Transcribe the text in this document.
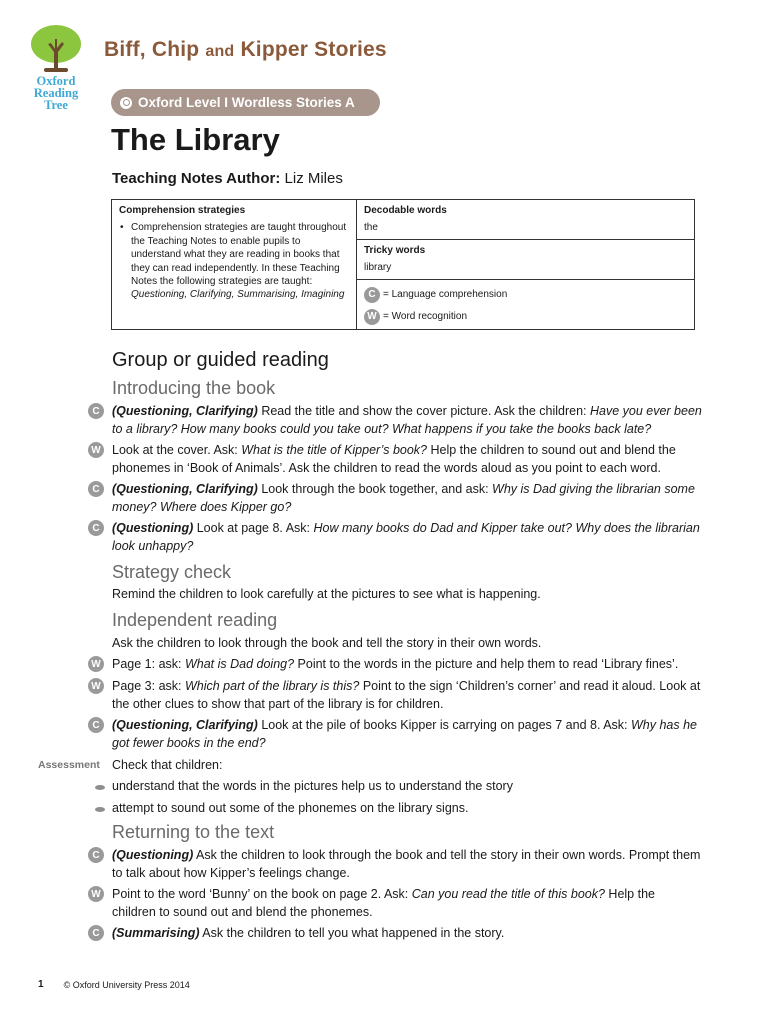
Oxford
Reading
Tree
Biff, Chip and Kipper Stories
Oxford Level I Wordless Stories A
The Library
Teaching Notes Author: Liz Miles
Comprehension strategies
• Comprehension strategies are taught throughout the Teaching Notes to enable pupils to understand what they are reading in books that they can read independently. In these Teaching Notes the following strategies are taught:
Questioning, Clarifying, Summarising, Imagining

Decodable words
the

Tricky words
library

C = Language comprehension
W = Word recognition
Group or guided reading
Introducing the book
C (Questioning, Clarifying) Read the title and show the cover picture. Ask the children: Have you ever been to a library? How many books could you take out? What happens if you take the books back late?
W Look at the cover. Ask: What is the title of Kipper’s book? Help the children to sound out and blend the phonemes in ‘Book of Animals’. Ask the children to read the words aloud as you point to each word.
C (Questioning, Clarifying) Look through the book together, and ask: Why is Dad giving the librarian some money? Where does Kipper go?
C (Questioning) Look at page 8. Ask: How many books do Dad and Kipper take out? Why does the librarian look unhappy?
Strategy check
Remind the children to look carefully at the pictures to see what is happening.
Independent reading
Ask the children to look through the book and tell the story in their own words.
W Page 1: ask: What is Dad doing? Point to the words in the picture and help them to read ‘Library fines’.
W Page 3: ask: Which part of the library is this? Point to the sign ‘Children’s corner’ and read it aloud. Look at the other clues to show that part of the library is for children.
C (Questioning, Clarifying) Look at the pile of books Kipper is carrying on pages 7 and 8. Ask: Why has he got fewer books in the end?
Assessment Check that children:
understand that the words in the pictures help us to understand the story
attempt to sound out some of the phonemes on the library signs.
Returning to the text
C (Questioning) Ask the children to look through the book and tell the story in their own words. Prompt them to talk about how Kipper’s feelings change.
W Point to the word ‘Bunny’ on the book on page 2. Ask: Can you read the title of this book? Help the children to sound out and blend the phonemes.
C (Summarising) Ask the children to tell you what happened in the story.
1 © Oxford University Press 2014
